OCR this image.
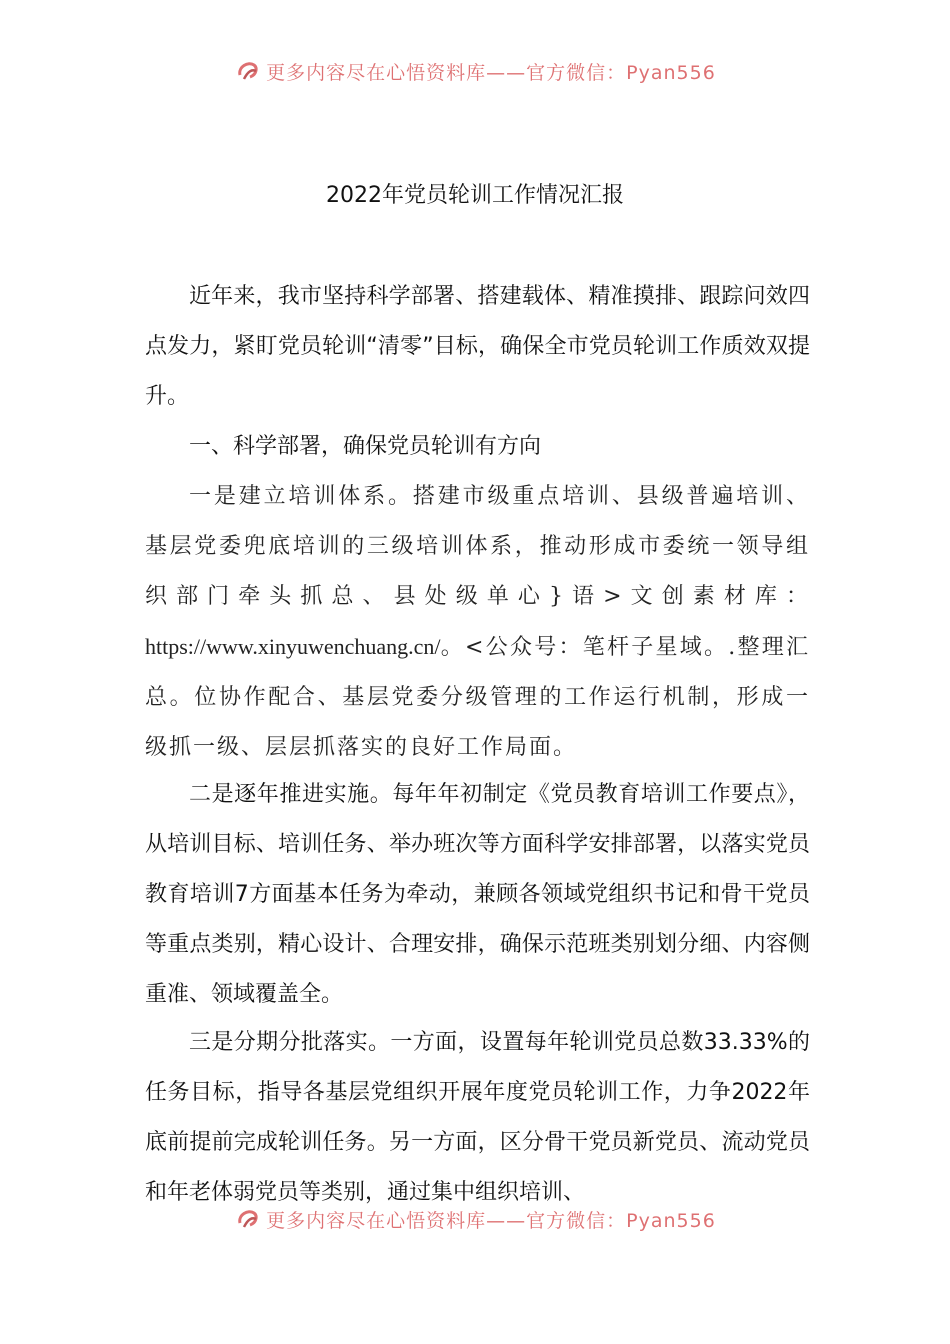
更多内容尽在心悟资料库——官方微信：Pyan556
2022年党员轮训工作情况汇报
近年来，我市坚持科学部署、搭建载体、精准摸排、跟踪问效四点发力，紧盯党员轮训“清零”目标，确保全市党员轮训工作质效双提升。
一、科学部署，确保党员轮训有方向
一是建立培训体系。搭建市级重点培训、县级普遍培训、基层党委兜底培训的三级培训体系，推动形成市委统一领导组织部门牵头抓总、县处级单心}语>文创素材库：https://www.xinyuwenchuang.cn/。<公众号：笔杆子星域。.整理汇总。位协作配合、基层党委分级管理的工作运行机制，形成一级抓一级、层层抓落实的良好工作局面。
二是逐年推进实施。每年年初制定《党员教育培训工作要点》，从培训目标、培训任务、举办班次等方面科学安排部署，以落实党员教育培训7方面基本任务为牵动，兼顾各领域党组织书记和骨干党员等重点类别，精心设计、合理安排，确保示范班类别划分细、内容侧重准、领域覆盖全。
三是分期分批落实。一方面，设置每年轮训党员总数33.33%的任务目标，指导各基层党组织开展年度党员轮训工作，力争2022年底前提前完成轮训任务。另一方面，区分骨干党员新党员、流动党员和年老体弱党员等类别，通过集中组织培训、
更多内容尽在心悟资料库——官方微信：Pyan556
